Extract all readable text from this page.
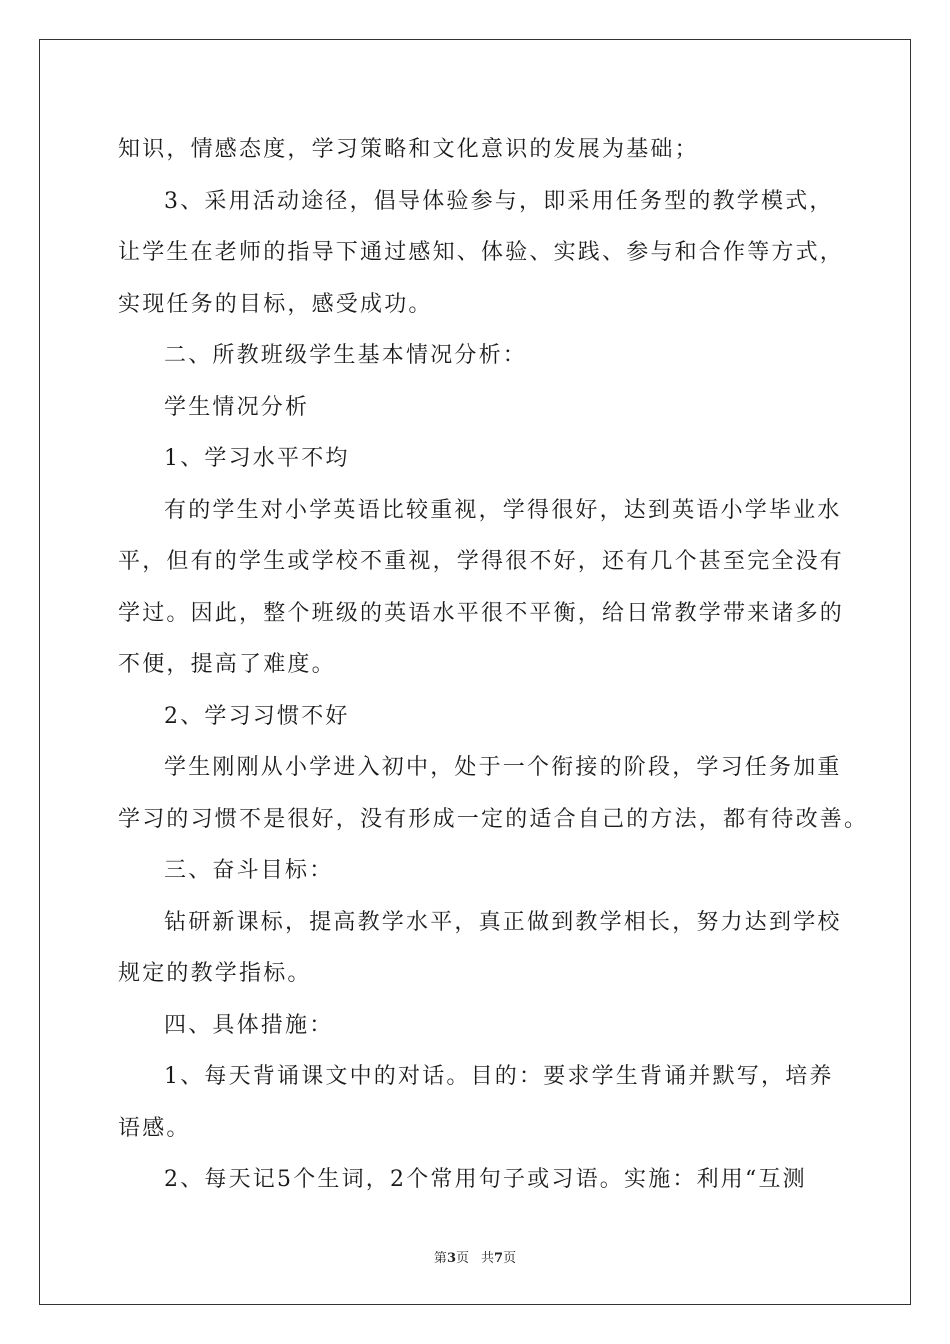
知识，情感态度，学习策略和文化意识的发展为基础；
3、采用活动途径，倡导体验参与，即采用任务型的教学模式，
让学生在老师的指导下通过感知、体验、实践、参与和合作等方式，
实现任务的目标，感受成功。
二、所教班级学生基本情况分析：
学生情况分析
1、学习水平不均
有的学生对小学英语比较重视，学得很好，达到英语小学毕业水
平，但有的学生或学校不重视，学得很不好，还有几个甚至完全没有
学过。因此，整个班级的英语水平很不平衡，给日常教学带来诸多的
不便，提高了难度。
2、学习习惯不好
学生刚刚从小学进入初中，处于一个衔接的阶段，学习任务加重
学习的习惯不是很好，没有形成一定的适合自己的方法，都有待改善。
三、奋斗目标：
钻研新课标，提高教学水平，真正做到教学相长，努力达到学校
规定的教学指标。
四、具体措施：
1、每天背诵课文中的对话。目的：要求学生背诵并默写，培养
语感。
2、每天记5个生词，2个常用句子或习语。实施：利用“互测
第3页 共7页
